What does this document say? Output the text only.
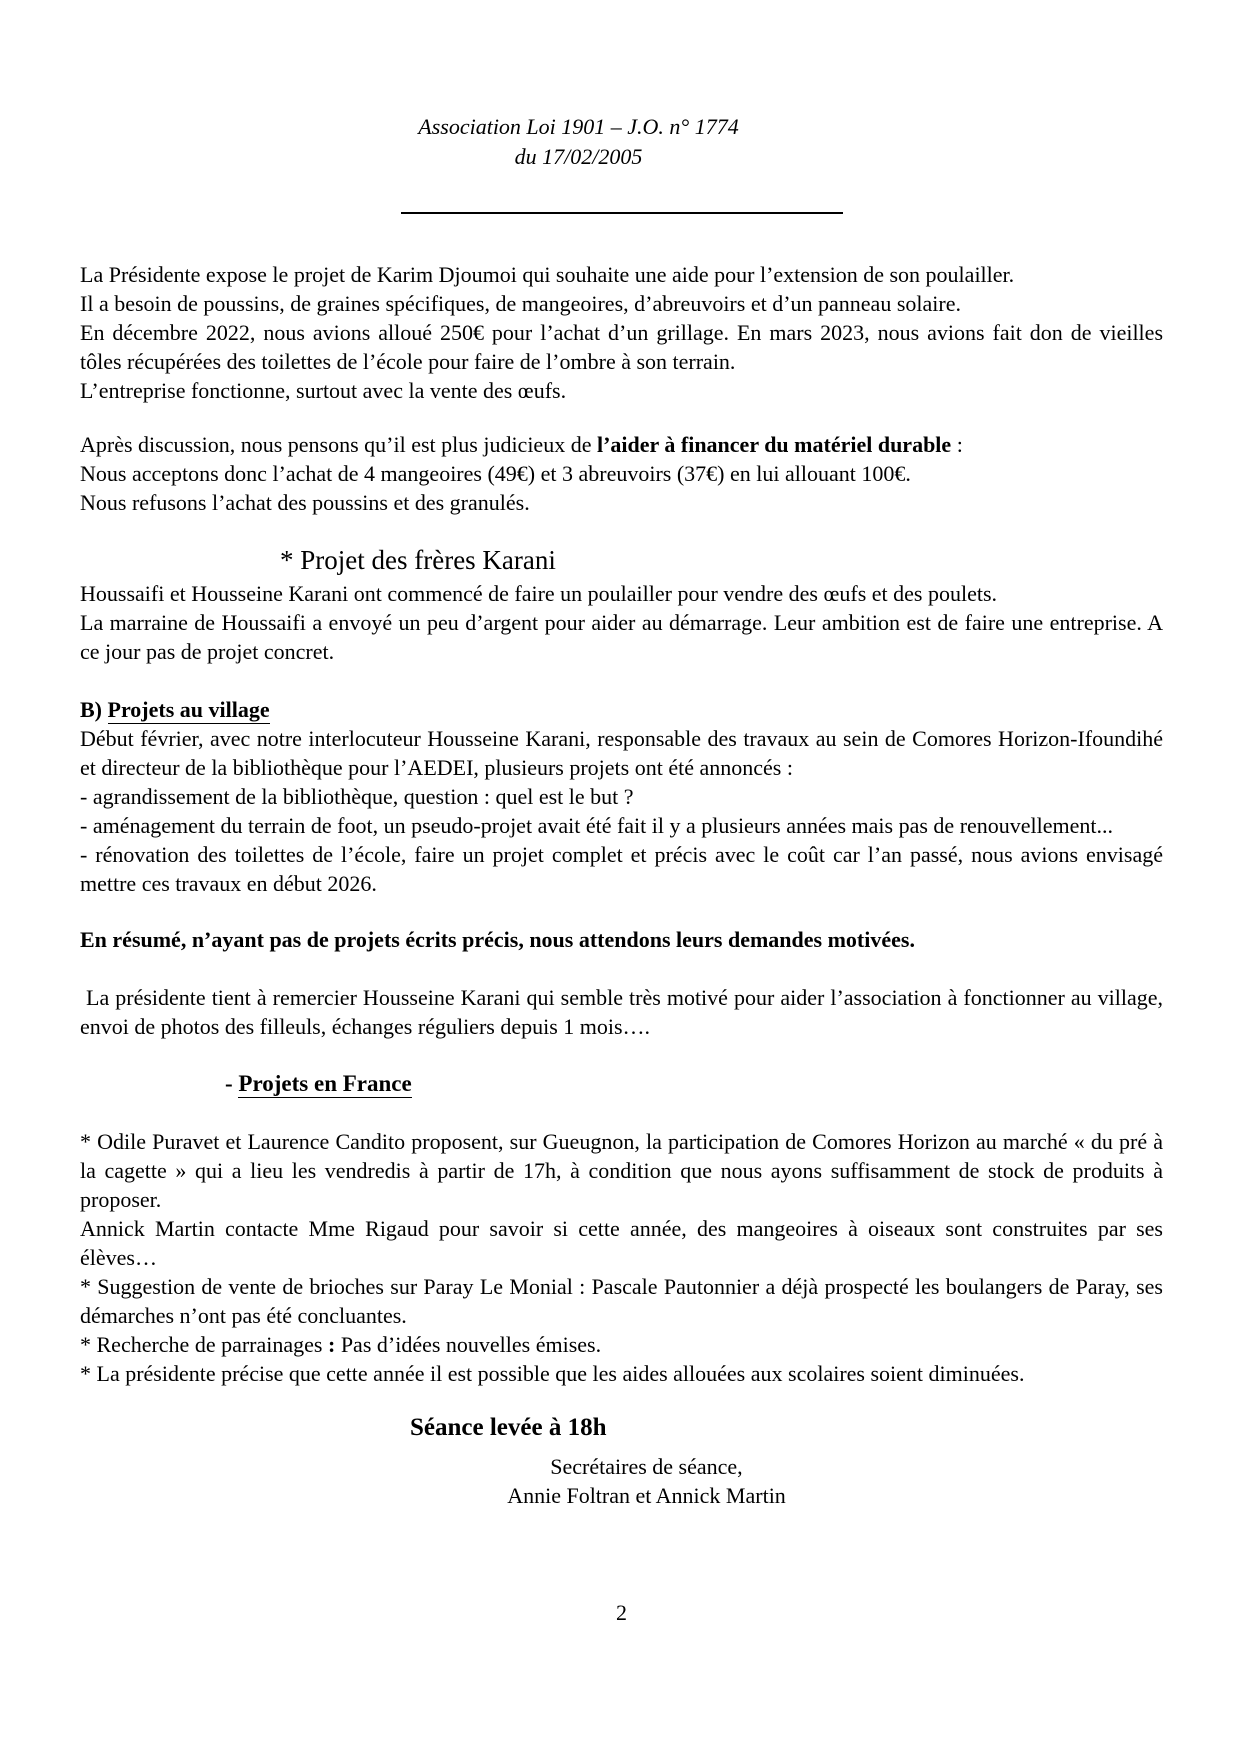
Association Loi 1901 – J.O. n° 1774
du 17/02/2005

La Présidente expose le projet de Karim Djoumoi qui souhaite une aide pour l’extension de son poulailler.

Il a besoin de poussins, de graines spécifiques, de mangeoires, d’abreuvoirs et d’un panneau solaire.

En décembre 2022, nous avions alloué 250€ pour l’achat d’un grillage. En mars 2023, nous avions fait don de vieilles tôles récupérées des toilettes de l’école pour faire de l’ombre à son terrain.

L’entreprise fonctionne, surtout avec la vente des œufs.

Après discussion, nous pensons qu’il est plus judicieux de l’aider à financer du matériel durable :

Nous acceptons donc l’achat de 4 mangeoires (49€) et 3 abreuvoirs (37€) en lui allouant 100€.

Nous refusons l’achat des poussins et des granulés.

* Projet des frères Karani

Houssaifi et Housseine Karani ont commencé de faire un poulailler pour vendre des œufs et des poulets.

La marraine de Houssaifi a envoyé un peu d’argent pour aider au démarrage. Leur ambition est de faire une entreprise. A ce jour pas de projet concret.

B) Projets au village

Début février, avec notre interlocuteur Housseine Karani, responsable des travaux au sein de Comores Horizon-Ifoundihé et directeur de la bibliothèque pour l’AEDEI, plusieurs projets ont été annoncés :

- agrandissement de la bibliothèque, question : quel est le but ?

- aménagement du terrain de foot, un pseudo-projet avait été fait il y a plusieurs années mais pas de renouvellement...

- rénovation des toilettes de l’école, faire un projet complet et précis avec le coût car l’an passé, nous avions envisagé mettre ces travaux en début 2026.

En résumé, n’ayant pas de projets écrits précis, nous attendons leurs demandes motivées.

La présidente tient à remercier Housseine Karani qui semble très motivé pour aider l’association à fonctionner au village, envoi de photos des filleuls, échanges réguliers depuis 1 mois….

- Projets en France

* Odile Puravet et Laurence Candito proposent, sur Gueugnon, la participation de Comores Horizon au marché « du pré à la cagette » qui a lieu les vendredis à partir de 17h, à condition que nous ayons suffisamment de stock de produits à proposer.

Annick Martin contacte Mme Rigaud pour savoir si cette année, des mangeoires à oiseaux sont construites par ses élèves…

* Suggestion de vente de brioches sur Paray Le Monial : Pascale Pautonnier a déjà prospecté les boulangers de Paray, ses démarches n’ont pas été concluantes.

* Recherche de parrainages : Pas d’idées nouvelles émises.

* La présidente précise que cette année il est possible que les aides allouées aux scolaires soient diminuées.

Séance levée à 18h

Secrétaires de séance,
Annie Foltran et Annick Martin

2
